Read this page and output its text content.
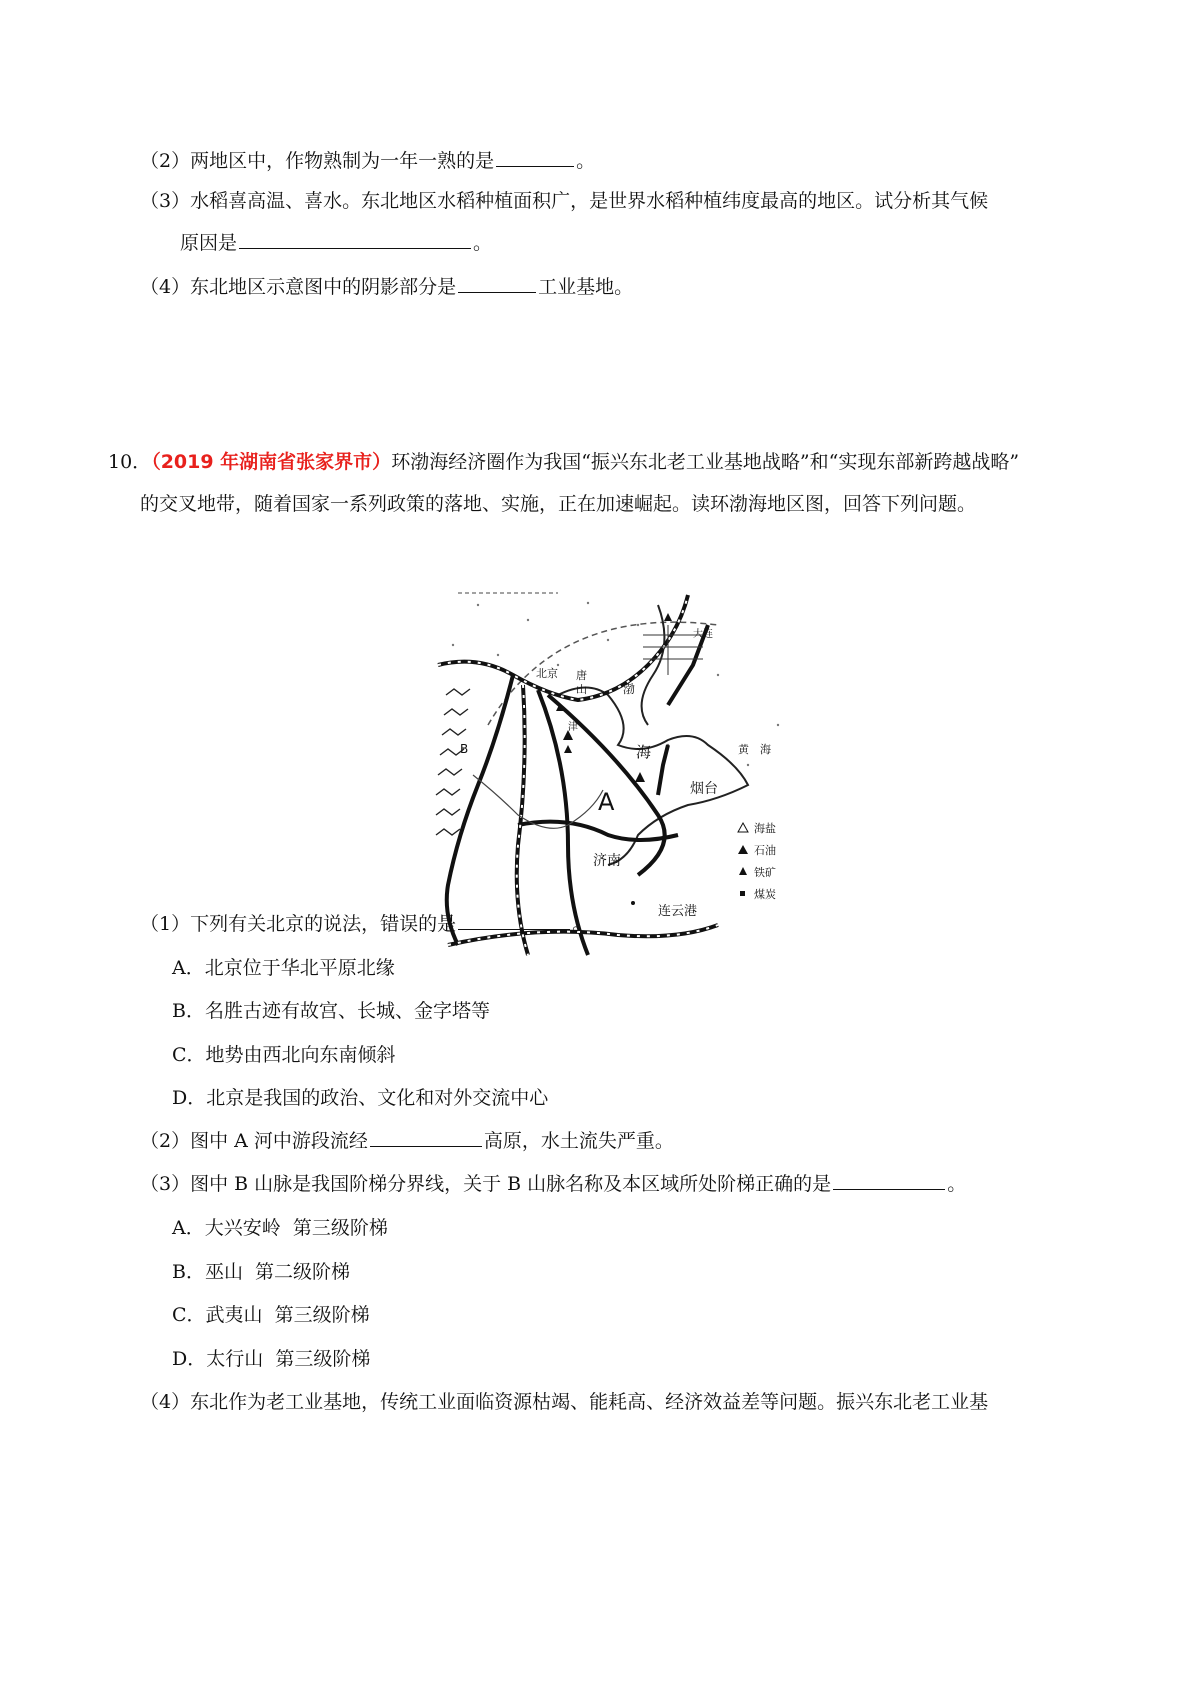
（2）两地区中，作物熟制为一年一熟的是	。
（3）水稻喜高温、喜水。东北地区水稻种植面积广，是世界水稻种植纬度最高的地区。试分析其气候
原因是	。
（4）东北地区示意图中的阴影部分是	工业基地。
10．（2019 年湖南省张家界市）环渤海经济圈作为我国“振兴东北老工业基地战略”和“实现东部新跨越战略”
的交叉地带，随着国家一系列政策的落地、实施，正在加速崛起。读环渤海地区图，回答下列问题。
北京 唐
山	渤
海
烟台
黄　海
济南
连云港
A
B
津
大连
海盐
石油
铁矿
煤炭
（1）下列有关北京的说法，错误的是	。
A．北京位于华北平原北缘
B．名胜古迹有故宫、长城、金字塔等
C．地势由西北向东南倾斜
D．北京是我国的政治、文化和对外交流中心
（2）图中 A 河中游段流经	高原，水土流失严重。
（3）图中 B 山脉是我国阶梯分界线，关于 B 山脉名称及本区域所处阶梯正确的是	。
A．大兴安岭  第三级阶梯
B．巫山  第二级阶梯
C．武夷山  第三级阶梯
D．太行山  第三级阶梯
（4）东北作为老工业基地，传统工业面临资源枯竭、能耗高、经济效益差等问题。振兴东北老工业基
